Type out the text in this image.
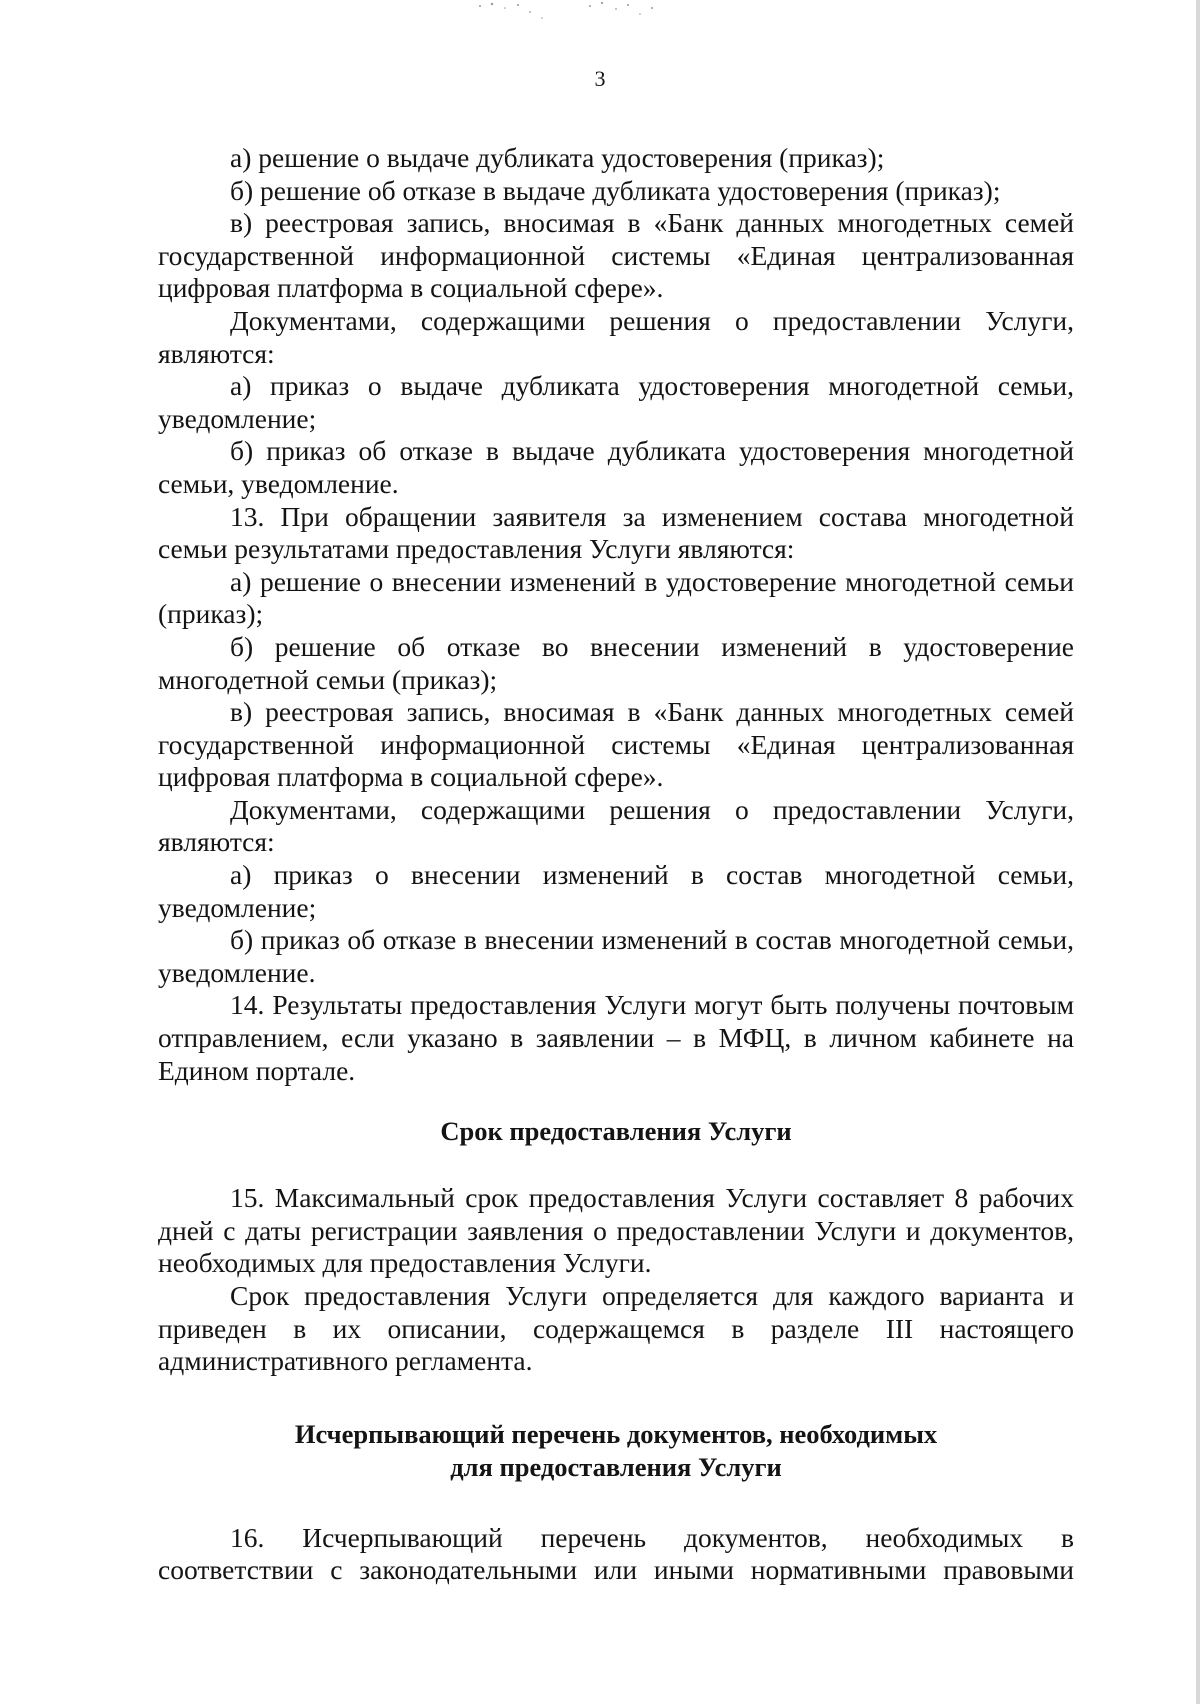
3

а) решение о выдаче дубликата удостоверения (приказ);

б) решение об отказе в выдаче дубликата удостоверения (приказ);

в) реестровая запись, вносимая в «Банк данных многодетных семей государственной информационной системы «Единая централизованная цифровая платформа в социальной сфере».

Документами, содержащими решения о предоставлении Услуги, являются:

а) приказ о выдаче дубликата удостоверения многодетной семьи, уведомление;

б) приказ об отказе в выдаче дубликата удостоверения многодетной семьи, уведомление.

13. При обращении заявителя за изменением состава многодетной семьи результатами предоставления Услуги являются:

а) решение о внесении изменений в удостоверение многодетной семьи (приказ);

б) решение об отказе во внесении изменений в удостоверение многодетной семьи (приказ);

в) реестровая запись, вносимая в «Банк данных многодетных семей государственной информационной системы «Единая централизованная цифровая платформа в социальной сфере».

Документами, содержащими решения о предоставлении Услуги, являются:

а) приказ о внесении изменений в состав многодетной семьи, уведомление;

б) приказ об отказе в внесении изменений в состав многодетной семьи, уведомление.

14. Результаты предоставления Услуги могут быть получены почтовым отправлением, если указано в заявлении – в МФЦ, в личном кабинете на Едином портале.

Срок предоставления Услуги

15. Максимальный срок предоставления Услуги составляет 8 рабочих дней с даты регистрации заявления о предоставлении Услуги и документов, необходимых для предоставления Услуги.

Срок предоставления Услуги определяется для каждого варианта и приведен в их описании, содержащемся в разделе III настоящего административного регламента.

Исчерпывающий перечень документов, необходимых

для предоставления Услуги

16. Исчерпывающий перечень документов, необходимых в соответствии с законодательными или иными нормативными правовыми
